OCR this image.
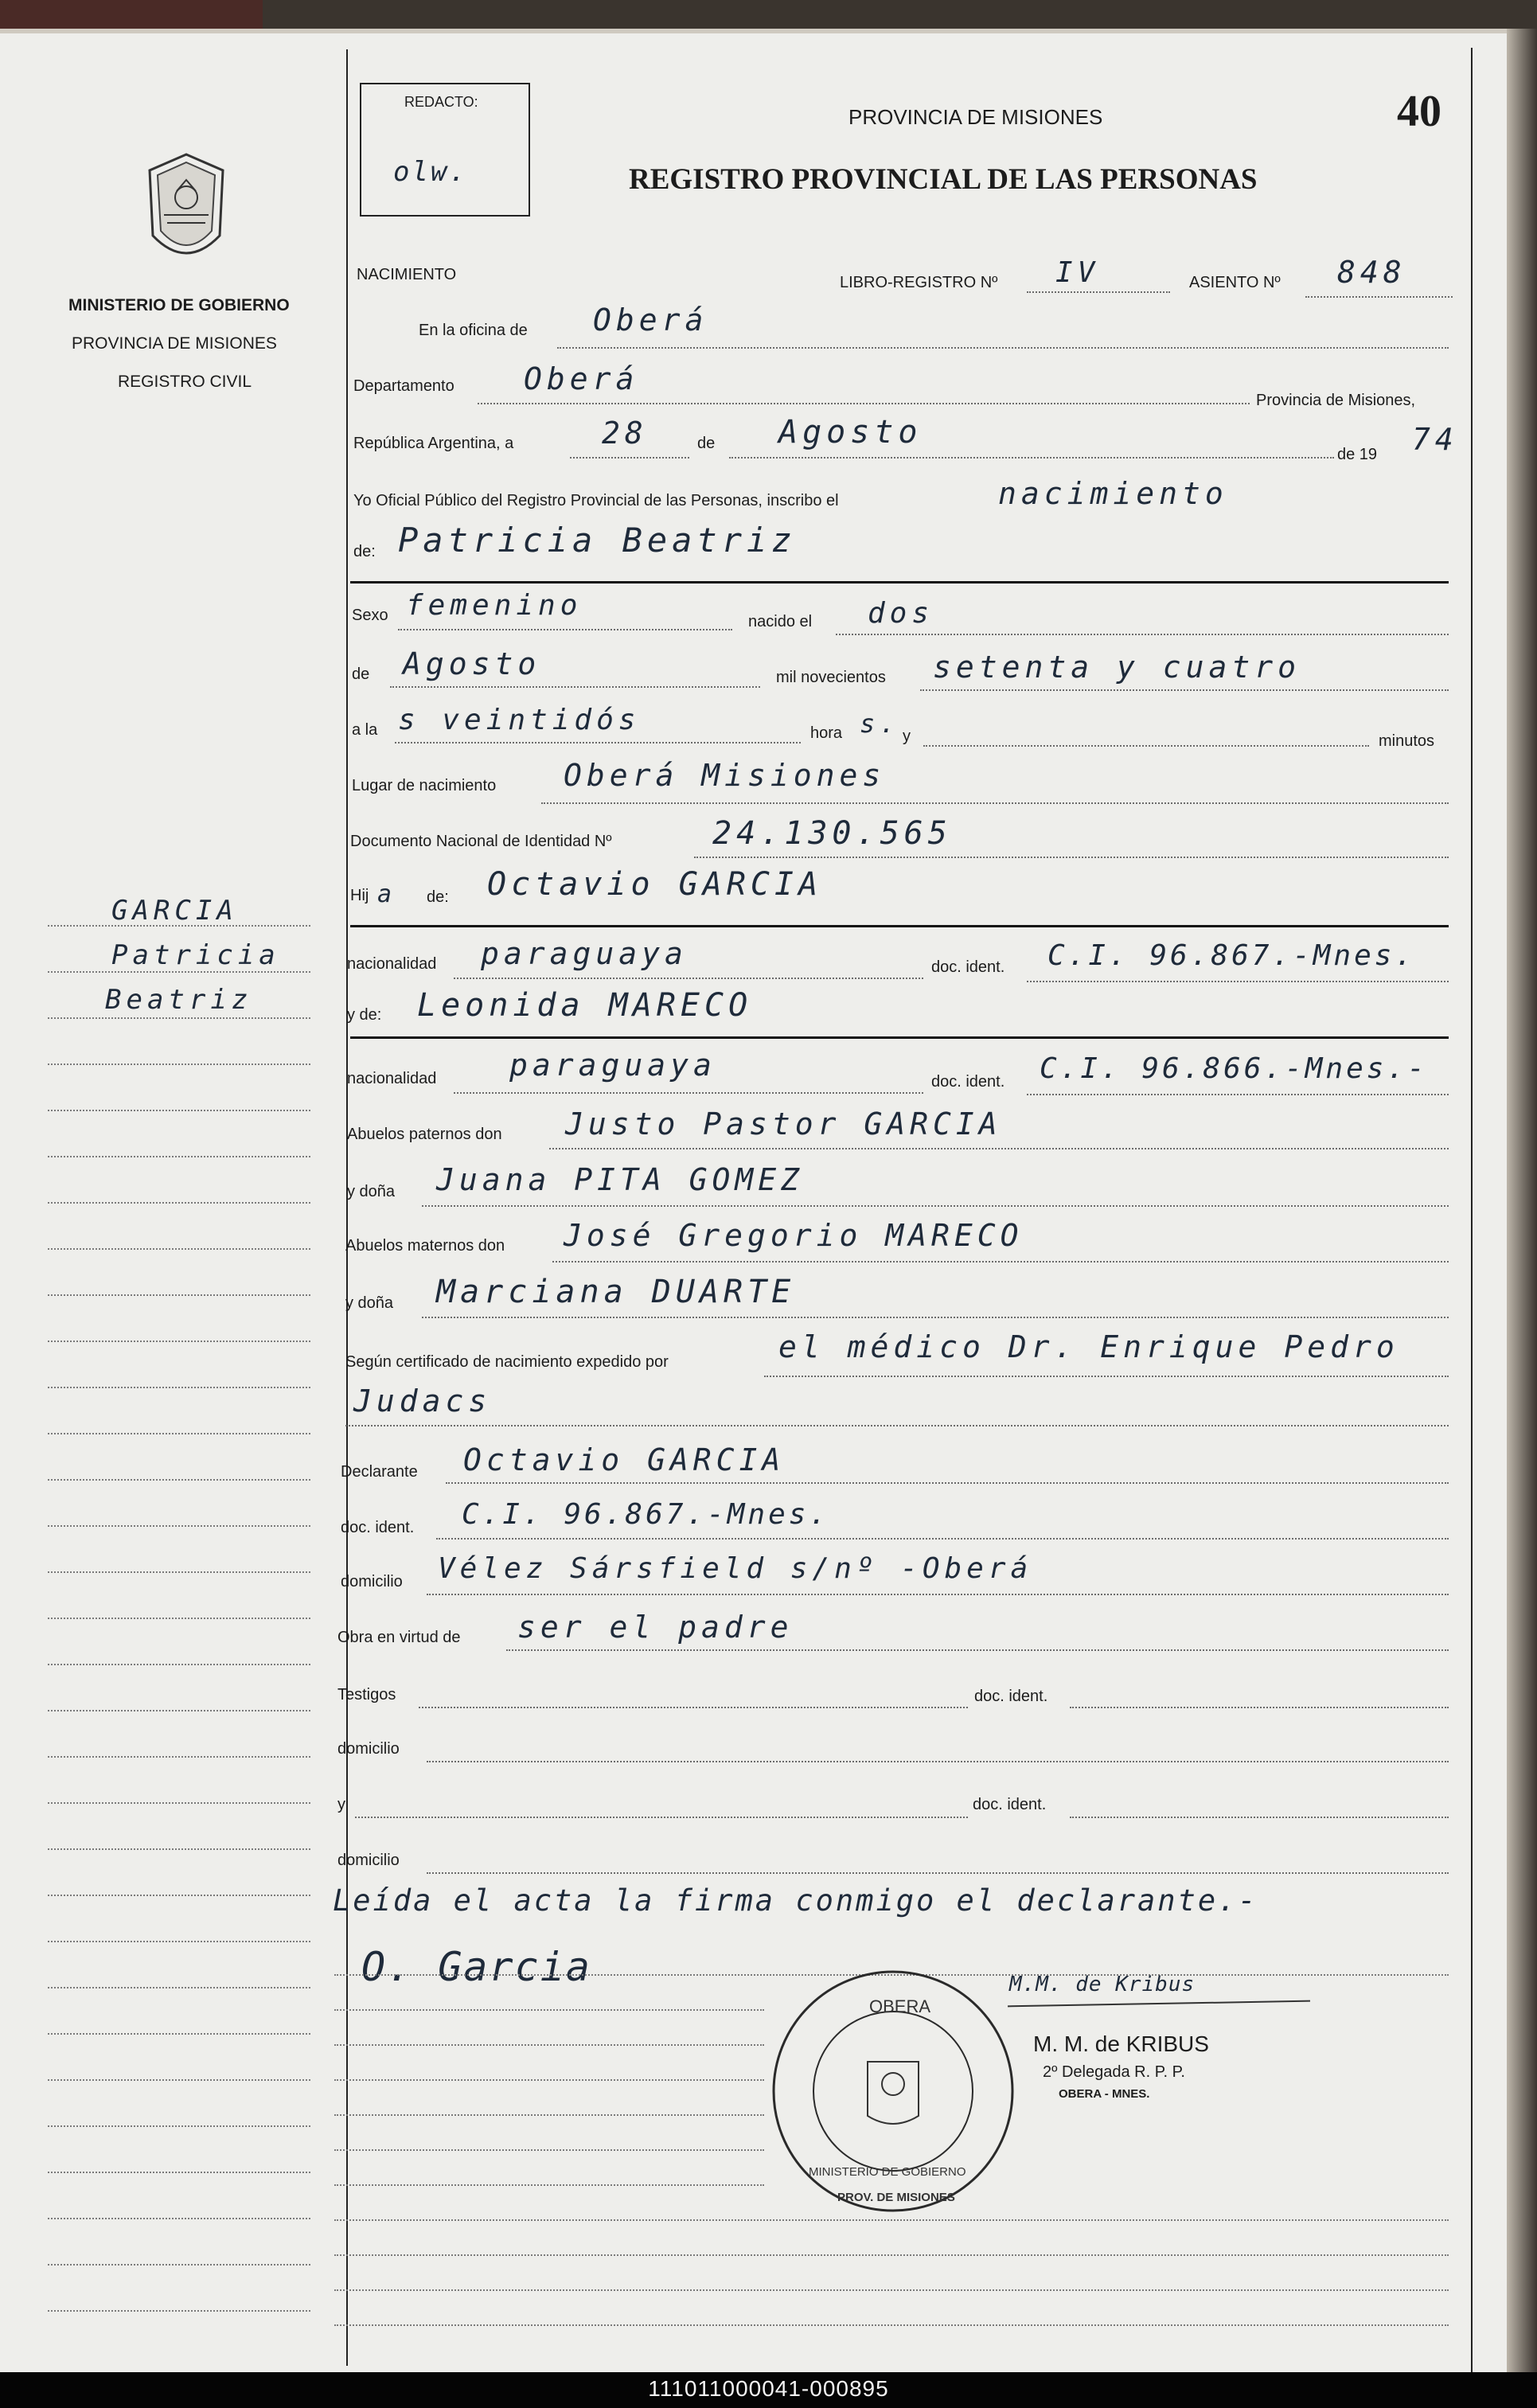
40
REDACTO:
olw.
MINISTERIO DE GOBIERNO
PROVINCIA DE MISIONES
REGISTRO CIVIL
PROVINCIA DE MISIONES
REGISTRO PROVINCIAL DE LAS PERSONAS
NACIMIENTO	LIBRO-REGISTRO Nº IV	ASIENTO Nº 848
GARCIA
Patricia
Beatriz
En la oficina de Oberá
Departamento Oberá
Provincia de Misiones,
República Argentina, a	28	de Agosto
de 19 74
Yo Oficial Público del Registro Provincial de las Personas, inscribo el	nacimiento
de: Patricia Beatriz
Sexo femenino	nacido el dos
de Agosto	mil novecientos setenta y cuatro
a la s veintidós	hora s. y	minutos
Lugar de nacimiento Oberá Misiones
Documento Nacional de Identidad Nº	24.130.565
Hij a de: Octavio GARCIA
nacionalidad paraguaya	doc. ident. C.I. 96.867.-Mnes.
y de: Leonida MARECO
nacionalidad paraguaya	doc. ident. C.I. 96.866.-Mnes.-
Abuelos paternos don Justo Pastor GARCIA
y doña Juana PITA GOMEZ
Abuelos maternos don José Gregorio MARECO
y doña Marciana DUARTE
Según certificado de nacimiento expedido por	el médico Dr. Enrique Pedro
Judacs
Declarante Octavio GARCIA
doc. ident. C.I. 96.867.-Mnes.
domicilio Vélez Sársfield s/nº -Oberá
Obra en virtud de ser el padre
Testigos	doc. ident.
domicilio
y	doc. ident.
domicilio
Leída el acta la firma conmigo el declarante.-
O. Garcia
OBERA
MINISTERIO DE GOBIERNO
PROV. DE MISIONES
M.M. de Kribus
M. M. de KRIBUS
2º Delegada R. P. P.
OBERA - MNES.
111011000041-000895
